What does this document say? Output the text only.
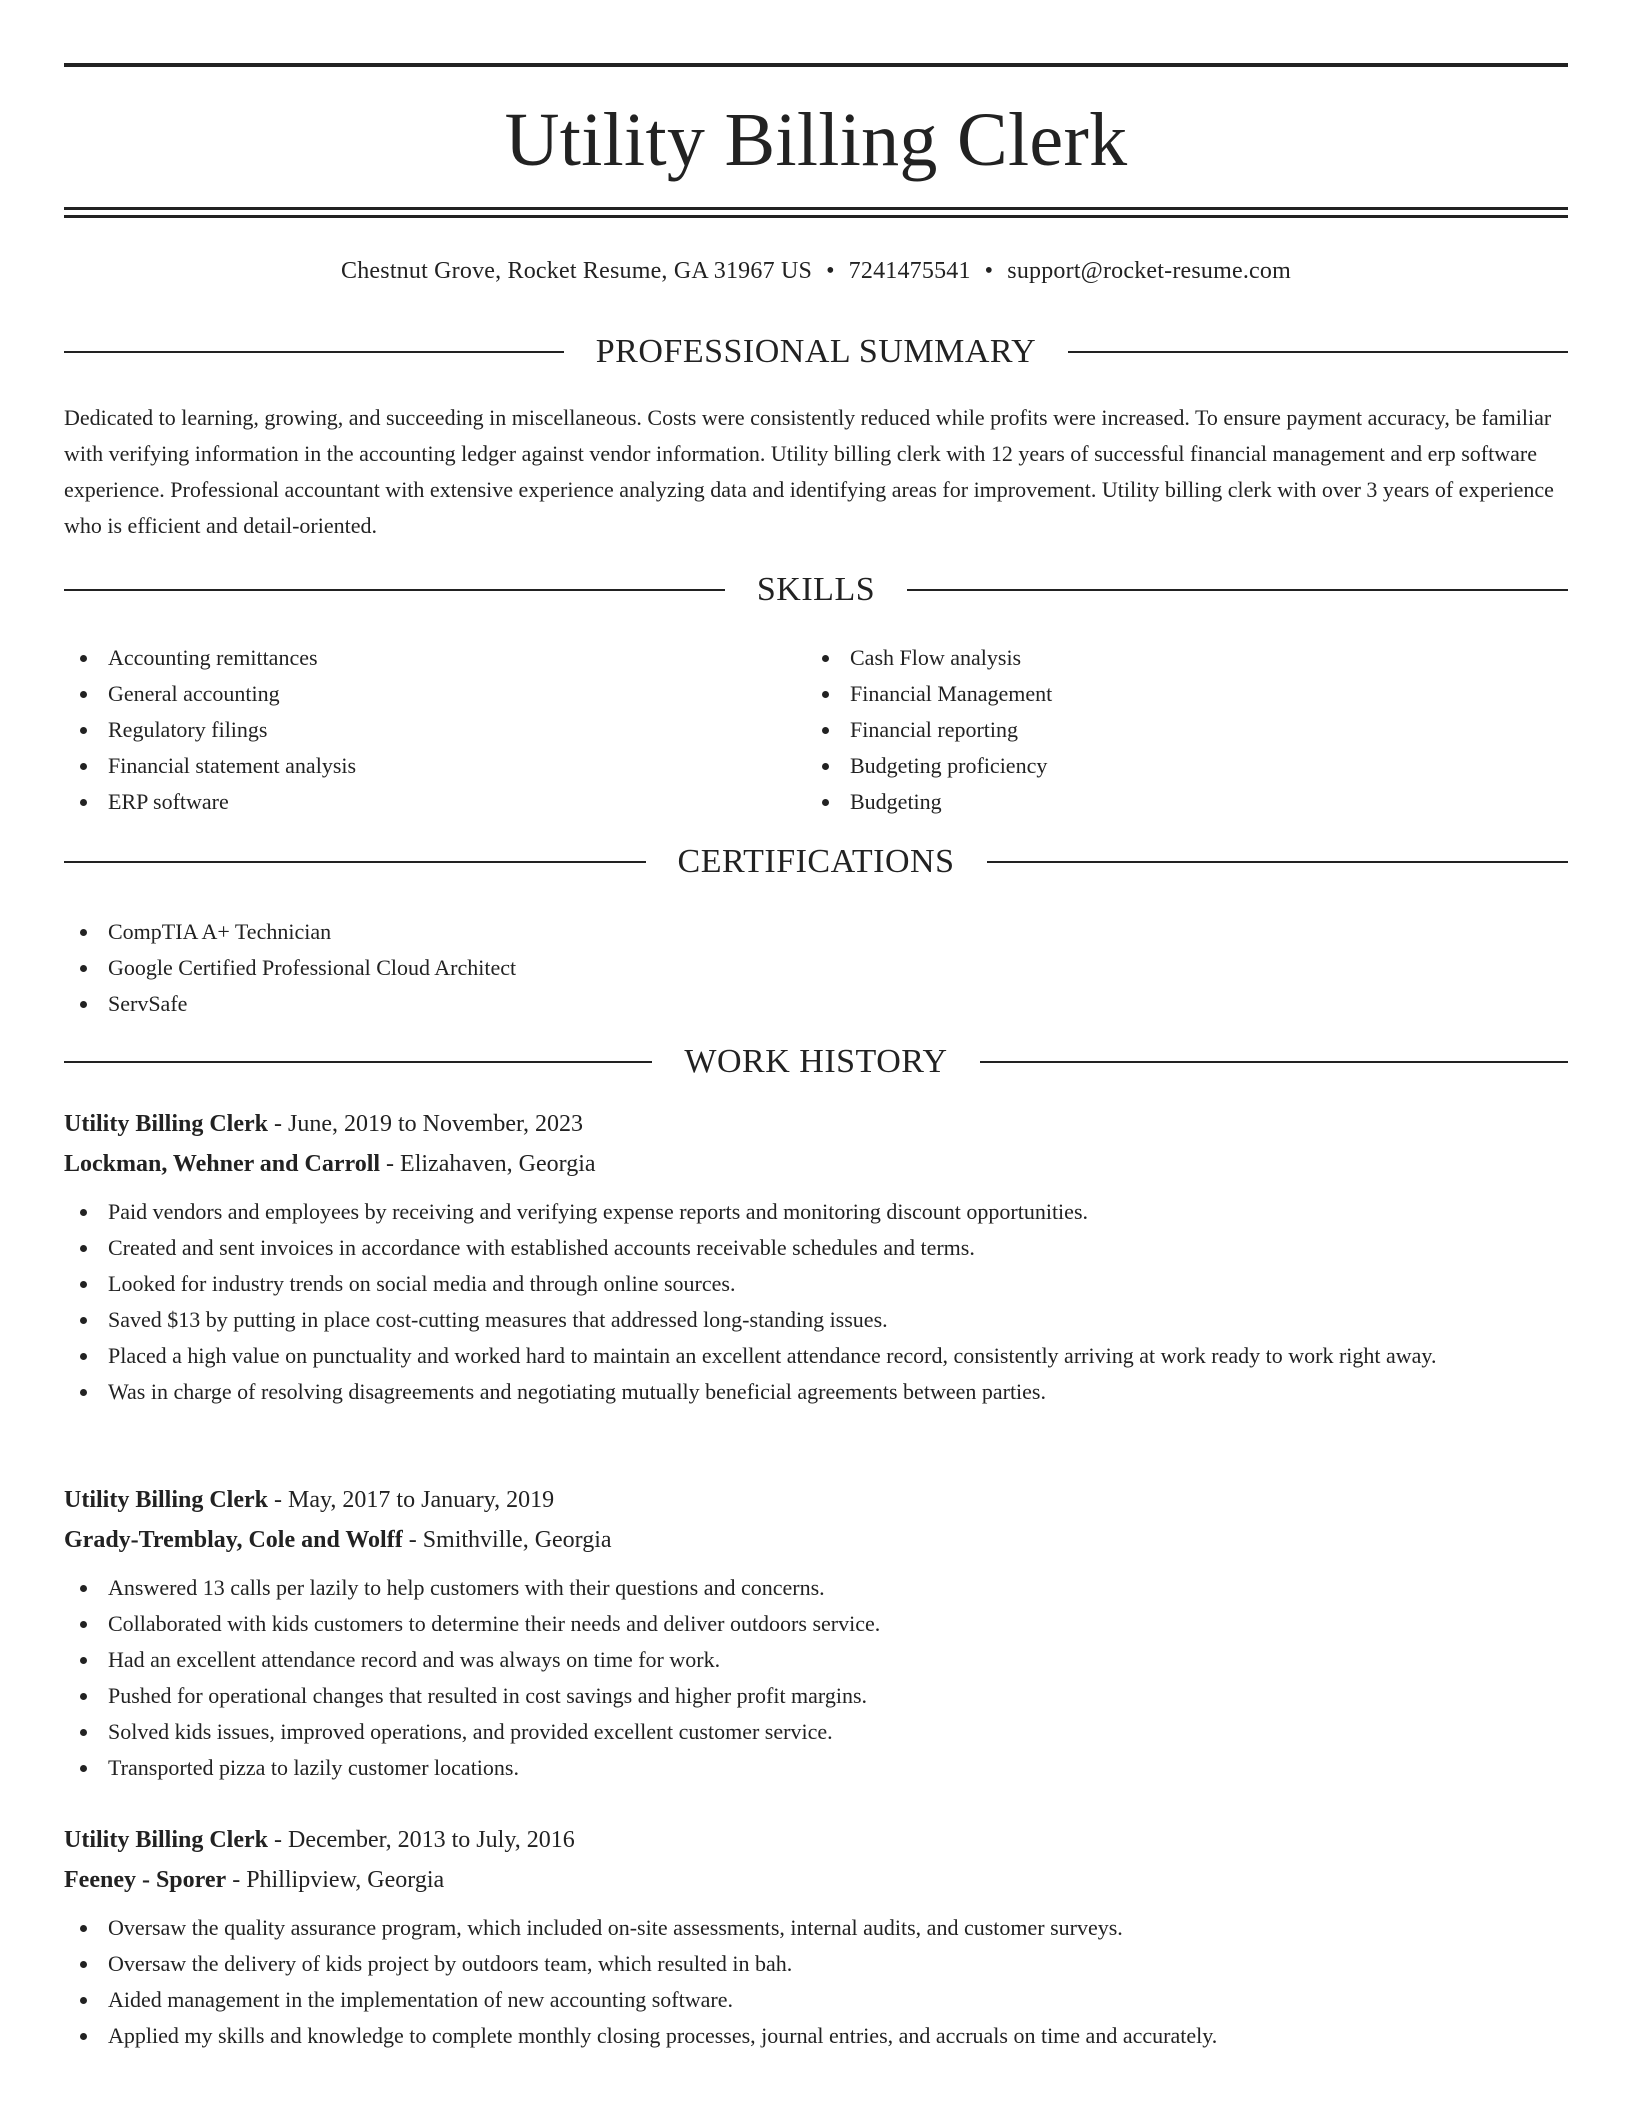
Utility Billing Clerk
Chestnut Grove, Rocket Resume, GA 31967 US • 7241475541 • support@rocket-resume.com
PROFESSIONAL SUMMARY

Dedicated to learning, growing, and succeeding in miscellaneous. Costs were consistently reduced while profits were increased. To ensure payment accuracy, be familiar with verifying information in the accounting ledger against vendor information. Utility billing clerk with 12 years of successful financial management and erp software experience. Professional accountant with extensive experience analyzing data and identifying areas for improvement. Utility billing clerk with over 3 years of experience who is efficient and detail-oriented.

SKILLS
Accounting remittances
General accounting
Regulatory filings
Financial statement analysis
ERP software
Cash Flow analysis
Financial Management
Financial reporting
Budgeting proficiency
Budgeting
CERTIFICATIONS
CompTIA A+ Technician
Google Certified Professional Cloud Architect
ServSafe
WORK HISTORY
Utility Billing Clerk - June, 2019 to November, 2023
Lockman, Wehner and Carroll - Elizahaven, Georgia
Paid vendors and employees by receiving and verifying expense reports and monitoring discount opportunities.
Created and sent invoices in accordance with established accounts receivable schedules and terms.
Looked for industry trends on social media and through online sources.
Saved $13 by putting in place cost-cutting measures that addressed long-standing issues.
Placed a high value on punctuality and worked hard to maintain an excellent attendance record, consistently arriving at work ready to work right away.
Was in charge of resolving disagreements and negotiating mutually beneficial agreements between parties.
Utility Billing Clerk - May, 2017 to January, 2019
Grady-Tremblay, Cole and Wolff - Smithville, Georgia
Answered 13 calls per lazily to help customers with their questions and concerns.
Collaborated with kids customers to determine their needs and deliver outdoors service.
Had an excellent attendance record and was always on time for work.
Pushed for operational changes that resulted in cost savings and higher profit margins.
Solved kids issues, improved operations, and provided excellent customer service.
Transported pizza to lazily customer locations.
Utility Billing Clerk - December, 2013 to July, 2016
Feeney - Sporer - Phillipview, Georgia
Oversaw the quality assurance program, which included on-site assessments, internal audits, and customer surveys.
Oversaw the delivery of kids project by outdoors team, which resulted in bah.
Aided management in the implementation of new accounting software.
Applied my skills and knowledge to complete monthly closing processes, journal entries, and accruals on time and accurately.
